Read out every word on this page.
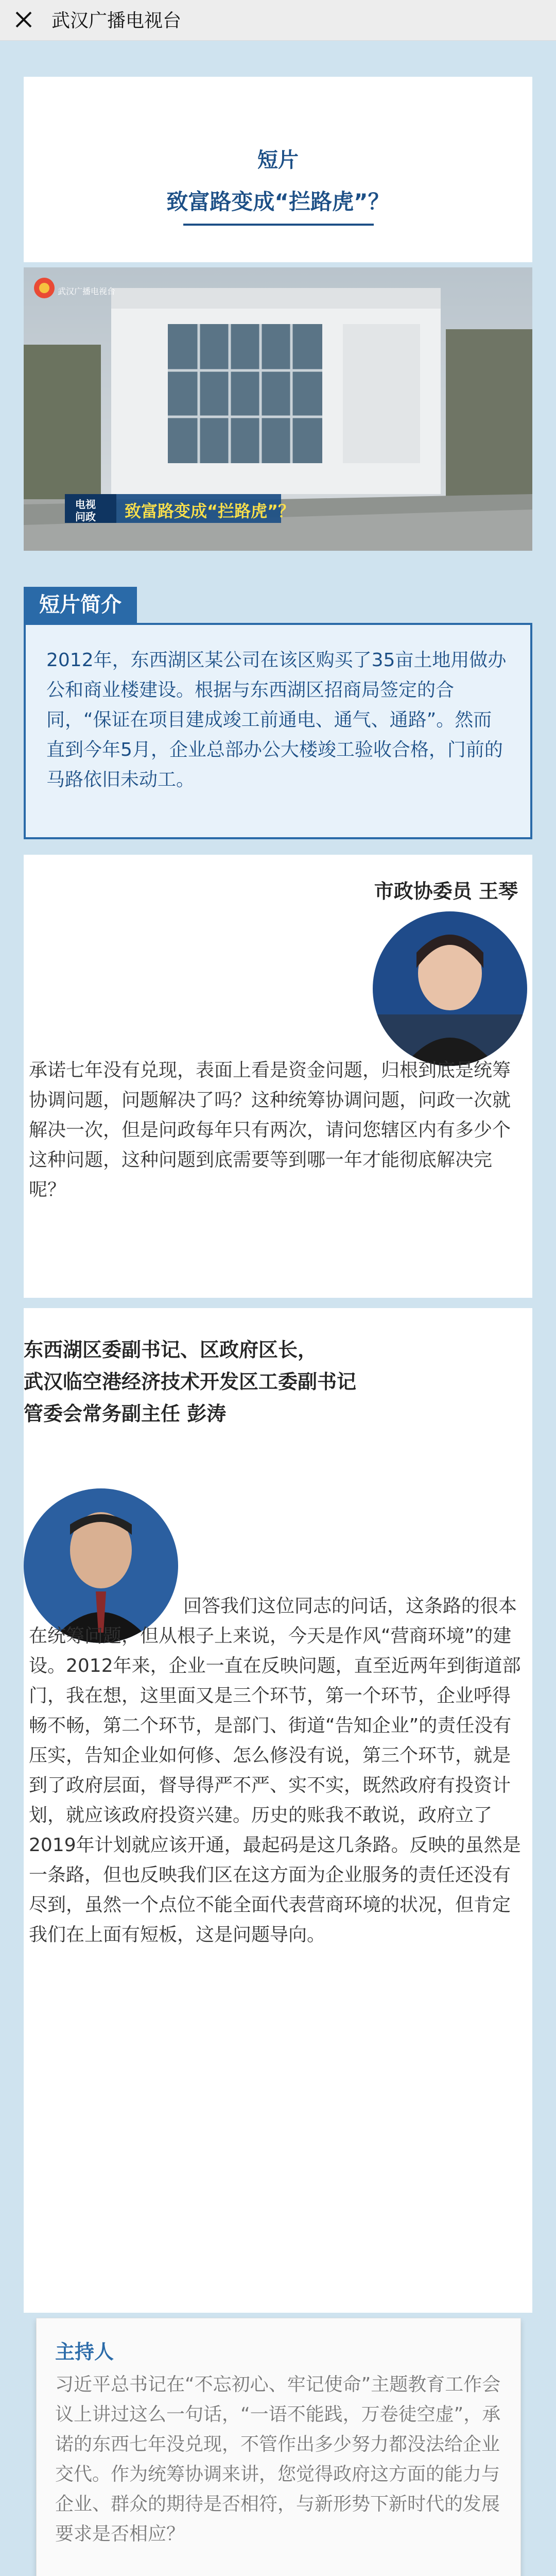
武汉广播电视台
短片
致富路变成“拦路虎”？
武汉广播电视台
电视
问政 致富路变成“拦路虎”？
短片简介
2012年，东西湖区某公司在该区购买了35亩土地用做办公和商业楼建设。根据与东西湖区招商局签定的合同，“保证在项目建成竣工前通电、通气、通路”。然而直到今年5月，企业总部办公大楼竣工验收合格，门前的马路依旧未动工。
市政协委员 王琴
承诺七年没有兑现，表面上看是资金问题，归根到底是统筹协调问题，问题解决了吗？这种统筹协调问题，问政一次就解决一次，但是问政每年只有两次，请问您辖区内有多少个这种问题，这种问题到底需要等到哪一年才能彻底解决完呢？
东西湖区委副书记、区政府区长，
武汉临空港经济技术开发区工委副书记
管委会常务副主任 彭涛
回答我们这位同志的问话，这条路的很本在统筹问题，但从根子上来说，今天是作风“营商环境”的建设。2012年来，企业一直在反映问题，直至近两年到街道部门，我在想，这里面又是三个环节，第一个环节，企业呼得畅不畅，第二个环节，是部门、街道“告知企业”的责任没有压实，告知企业如何修、怎么修没有说，第三个环节，就是到了政府层面，督导得严不严、实不实，既然政府有投资计划，就应该政府投资兴建。历史的账我不敢说，政府立了2019年计划就应该开通，最起码是这几条路。反映的虽然是一条路，但也反映我们区在这方面为企业服务的责任还没有尽到，虽然一个点位不能全面代表营商环境的状况，但肯定我们在上面有短板，这是问题导向。
主持人
习近平总书记在“不忘初心、牢记使命”主题教育工作会议上讲过这么一句话，“一语不能践，万卷徒空虚”，承诺的东西七年没兑现，不管作出多少努力都没法给企业交代。作为统筹协调来讲，您觉得政府这方面的能力与企业、群众的期待是否相符，与新形势下新时代的发展要求是否相应？
